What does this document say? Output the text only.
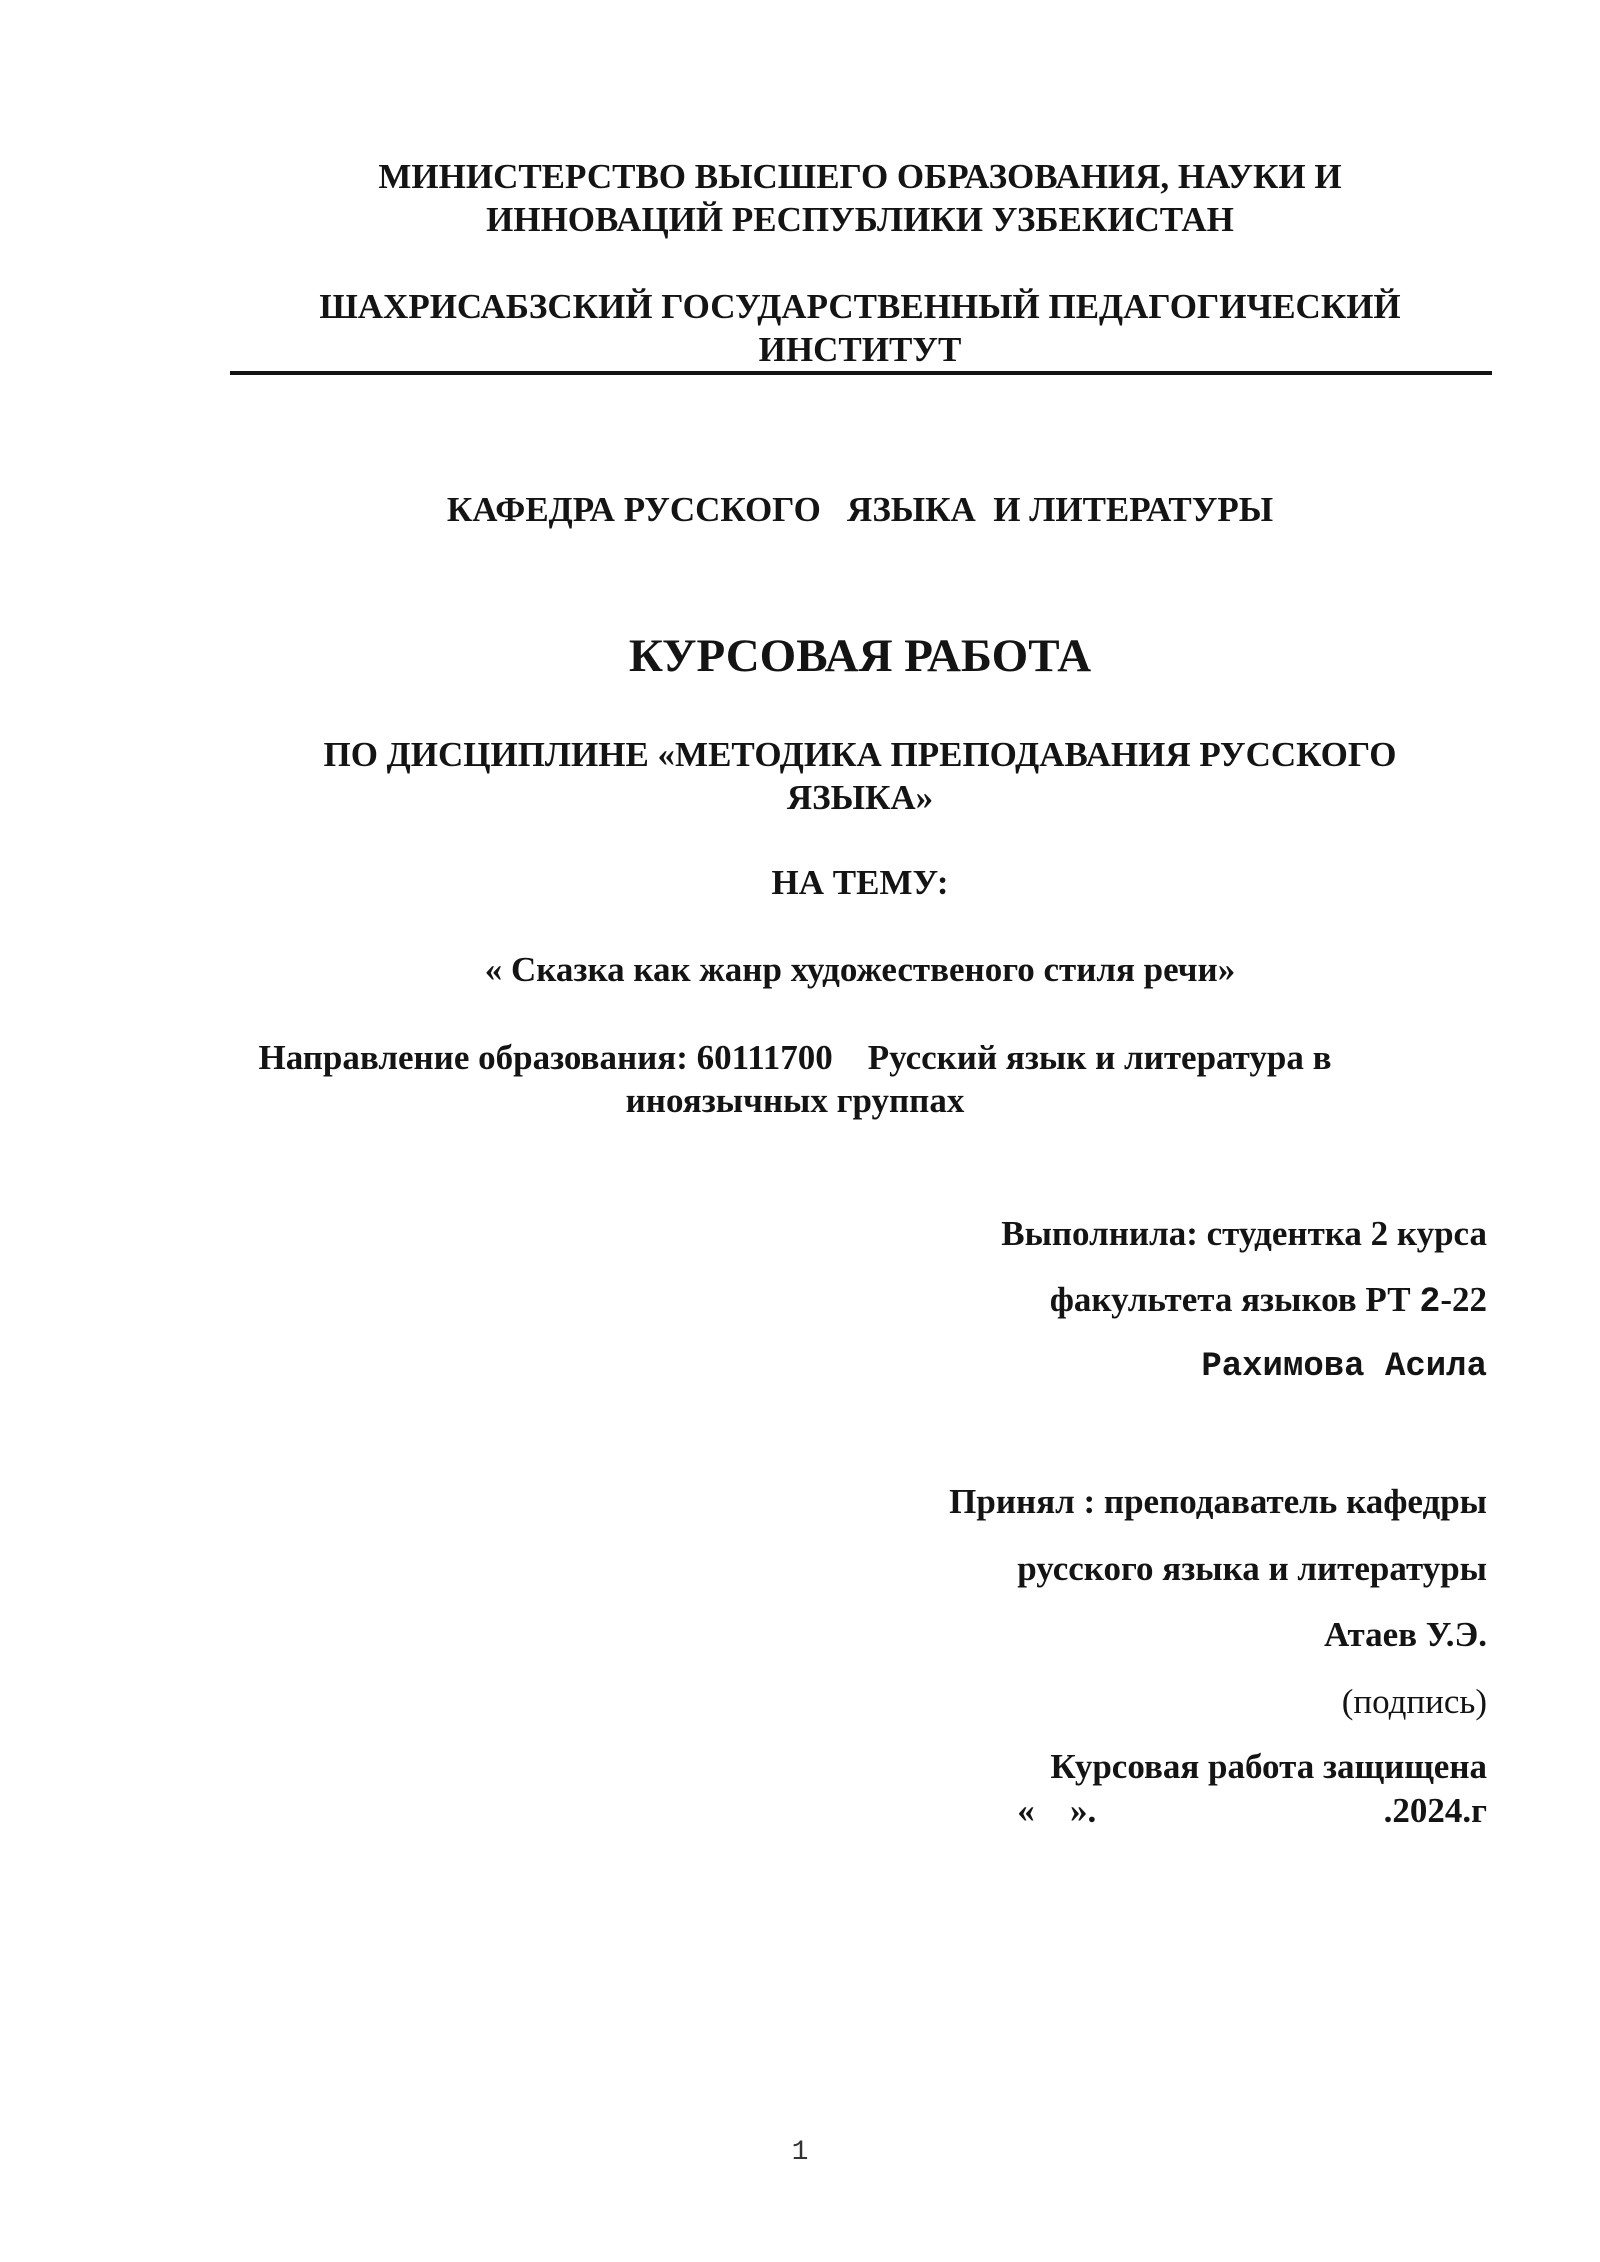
МИНИСТЕРСТВО ВЫСШЕГО ОБРАЗОВАНИЯ, НАУКИ И
ИННОВАЦИЙ РЕСПУБЛИКИ УЗБЕКИСТАН
ШАХРИСАБЗСКИЙ ГОСУДАРСТВЕННЫЙ ПЕДАГОГИЧЕСКИЙ
ИНСТИТУТ
КАФЕДРА РУССКОГО   ЯЗЫКА  И ЛИТЕРАТУРЫ
КУРСОВАЯ РАБОТА
ПО ДИСЦИПЛИНЕ «МЕТОДИКА ПРЕПОДАВАНИЯ РУССКОГО
ЯЗЫКА»
НА ТЕМУ:
« Сказка как жанр художественого стиля речи»
Направление образования: 60111700    Русский язык и литература в
иноязычных группах
Выполнила: студентка 2 курса
факультета языков РТ 2-22
Рахимова Асила
Принял : преподаватель кафедры
русского языка и литературы
Атаев У.Э.
(подпись)
Курсовая работа защищена
«	».	.2024.г
1
